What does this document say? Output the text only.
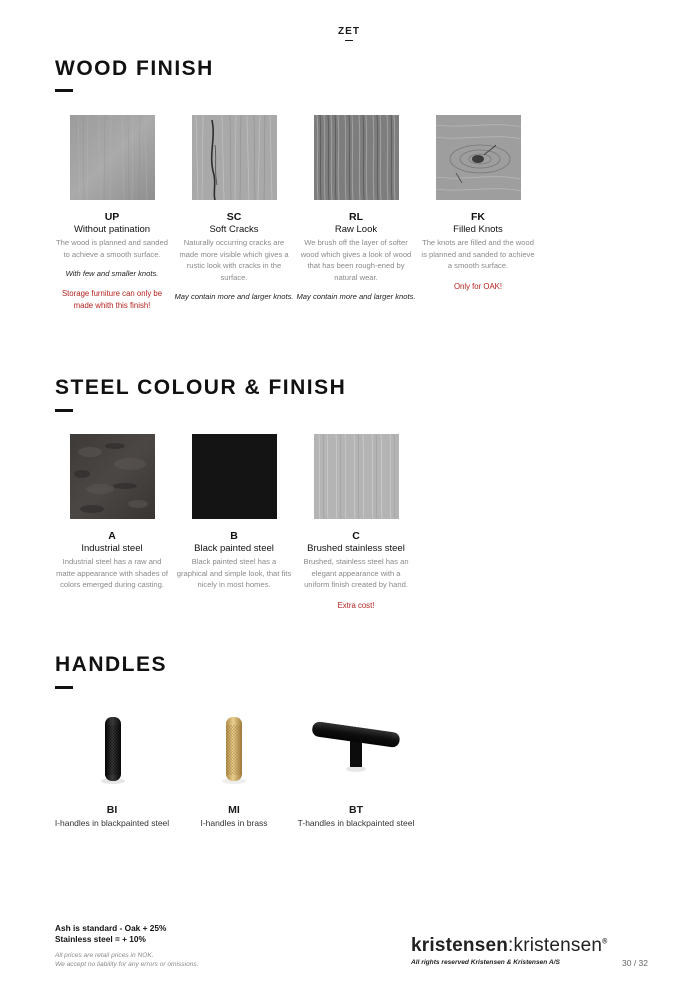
ZET
WOOD FINISH
UP
Without patination
The wood is planned and sanded to achieve a smooth surface.
With few and smaller knots.
Storage furniture can only be made whith this finish!
SC
Soft Cracks
Naturally occurring cracks are made more visible which gives a rustic look with cracks in the surface.
May contain more and larger knots.
RL
Raw Look
We brush off the layer of softer wood which gives a look of wood that has been rough-ened by natural wear.
May contain more and larger knots.
FK
Filled Knots
The knots are filled and the wood is planned and sanded to achieve a smooth surface.
Only for OAK!
STEEL COLOUR & FINISH
A
Industrial steel
Industrial steel has a raw and matte appearance with shades of colors emerged during casting.
B
Black painted steel
Black painted steel has a graphical and simple look, that fits nicely in most homes.
C
Brushed stainless steel
Brushed, stainless steel has an elegant appearance with a uniform finish created by hand.
Extra cost!
HANDLES
BI
I-handles in blackpainted steel
MI
I-handles in brass
BT
T-handles in blackpainted steel
Ash is standard - Oak + 25%
Stainless steel = + 10%
All prices are retail prices in NOK.
We accept no liability for any errors or omissions.
kristensen:kristensen®
All rights reserved Kristensen & Kristensen A/S	30 / 32
